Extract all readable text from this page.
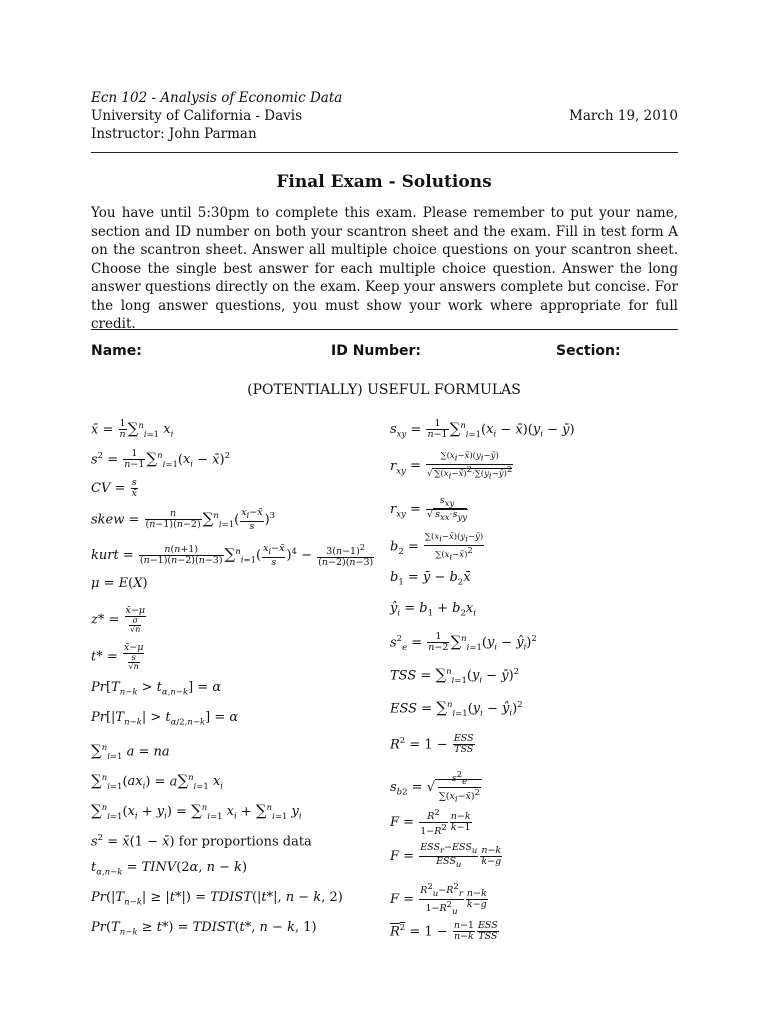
Ecn 102 - Analysis of Economic Data
University of California - Davis
Instructor: John Parman
March 19, 2010
Final Exam - Solutions
You have until 5:30pm to complete this exam. Please remember to put your name, section and ID number on both your scantron sheet and the exam. Fill in test form A on the scantron sheet. Answer all multiple choice questions on your scantron sheet. Choose the single best answer for each multiple choice question. Answer the long answer questions directly on the exam. Keep your answers complete but concise. For the long answer questions, you must show your work where appropriate for full credit.
Name:	ID Number:	Section:
(POTENTIALLY) USEFUL FORMULAS
x̄ = $\frac{1}{n} \sum^n_{i=1}$ $x_i$
$s^2 = \frac{1}{n-1} \sum^n_{i=1}(x_i$ − x̄)$^2$
CV = $\frac{s}{x̄}$
skew = $\frac{n}{(n-1)(n-2)} \sum^n_{i=1}( \frac{x_i-x̄}{s} )^3$
kurt = $\frac{n(n+1)}{(n-1)(n-2)(n-3)} \sum^n_{i=1}( \frac{x_i-x̄}{s} )^4 - \frac{3(n-1)^2}{(n-2)(n-3)}$
μ = E(X)
$z* = \frac{x̄-\mu}{\frac{\sigma}{√n}}$
$t* = \frac{x̄-\mu}{\frac{s}{√n}}$
$Pr[T_{n-k} > t_{\alpha,n-k}] = \alpha$
$Pr[|T_{n-k}| > t_{\alpha/2,n-k}] = \alpha$
∑$^n_{i=1}$ a = na
$\sum^n_{i=1}(ax_i) = a\sum^n_{i=1}$ $x_i$
$\sum^n_{i=1}(x_i + y_i) = \sum^n_{i=1}$ $x_i + \sum^n_{i=1}$ $y_i$
$s^2$ = x̄(1 − x̄) for proportions data
$t_{\alpha,n-k}$ = TINV(2α, n − k)
$Pr(|T_{n-k}| \ge |t*|)$ = TDIST(|t*|, n − k, 2)
$Pr(T_{n-k} \ge t*)$ = TDIST(t*, n − k, 1)
$s_{xy} = \frac{1}{n-1} \sum^n_{i=1}(x_i$ − $x̄)(y_i$ − ȳ)
$r_{xy} = \frac{\sum(x_i-x̄)(y_i-ȳ)}{√ \sum(x_i-x̄)^2\cdot\sum(y_i-ȳ)^2}$
$r_{xy} = \frac{s_{xy}}{√ s_{xx}\cdot s_{yy}}$
$b_2 = \frac{\sum(x_i-x̄)(y_i-ȳ)}{\sum(x_i-x̄)^2}$
$b_1$ = ȳ − $b_2x̄$
$ŷ_i = b_1 + b_2x_i$
$s^2_e = \frac{1}{n-2} \sum^n_{i=1}(y_i$ − $ŷ_i)^2$
TSS = $\sum^n_{i=1}(y_i$ − ȳ)$^2$
ESS = $\sum^n_{i=1}(y_i$ − $ŷ_i)^2$
$R^2 = 1 - \frac{\text{ESS}}{\text{TSS}}$
$s_{b2}$ = √ $\frac{s^2_e}{\sum(x_i-x̄)^2}$
$F = \frac{R^2}{1-R^2} \frac{n-k}{k-1}$
$F = \frac{ESS_r-ESS_u}{ESS_u} \frac{n-k}{k-g}$
$F = \frac{R^2_u-R^2_r}{1-R^2_u} \frac{n-k}{k-g}$
$\overline{R}^2 = 1 - \frac{n-1}{n-k} \frac{\text{ESS}}{\text{TSS}}$
